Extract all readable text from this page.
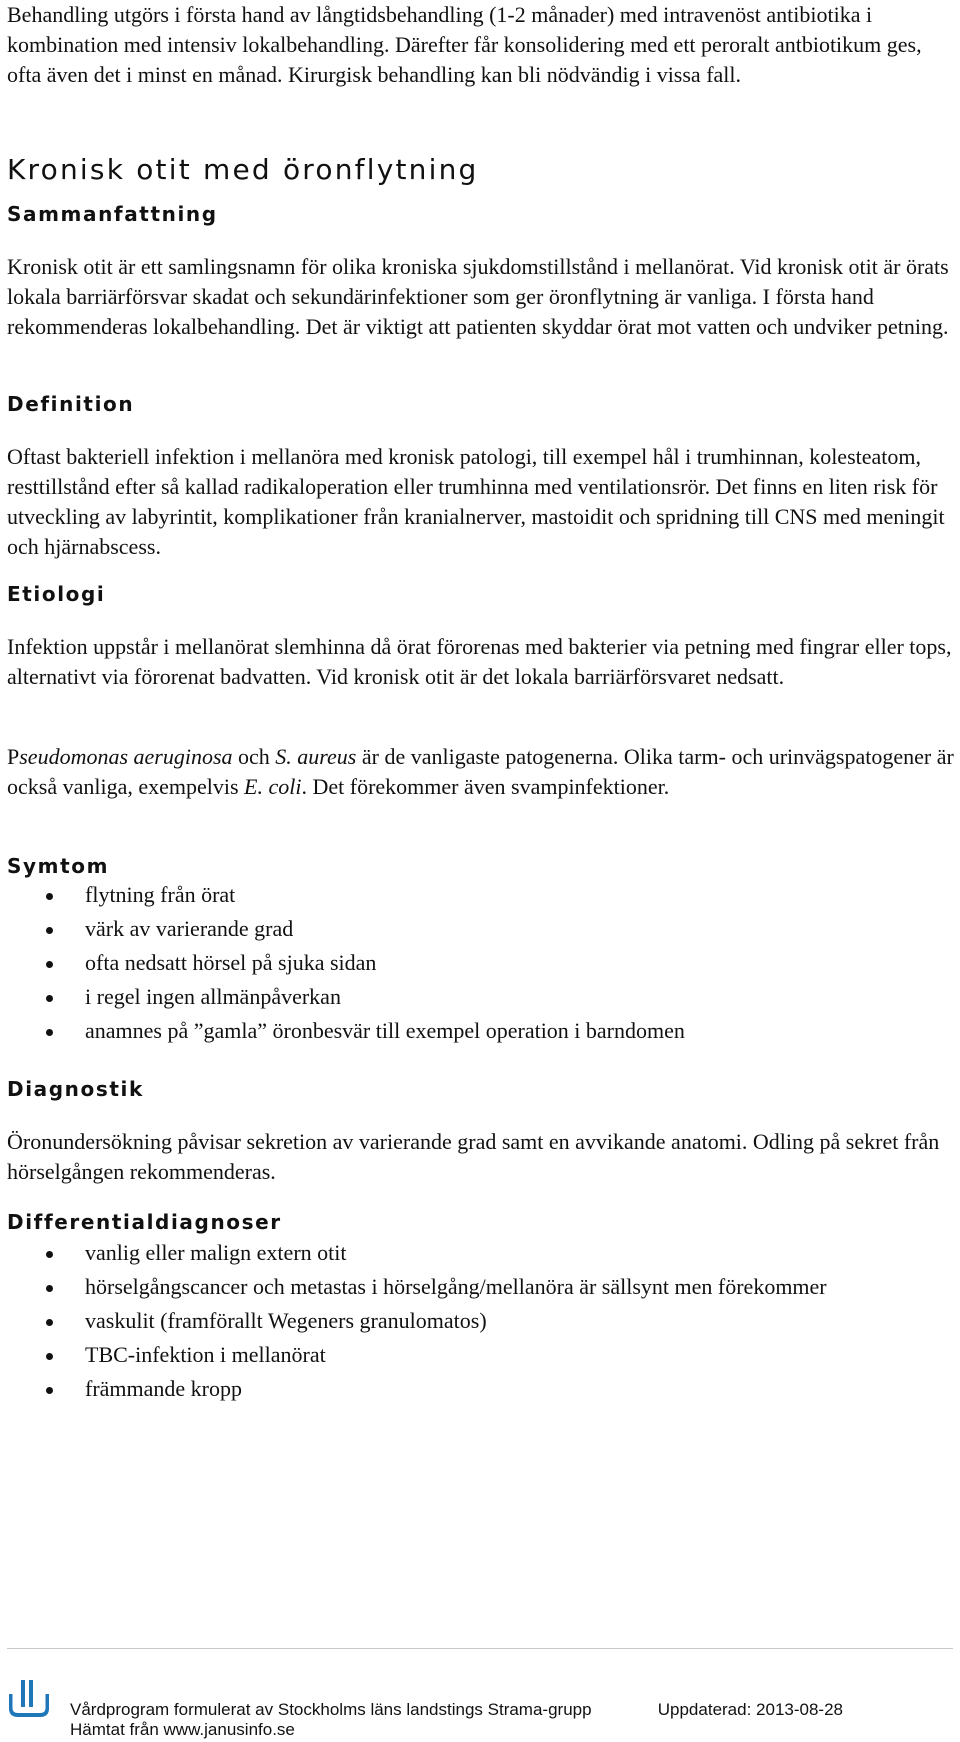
Behandling utgörs i första hand av långtidsbehandling (1-2 månader) med intravenöst antibiotika i kombination med intensiv lokalbehandling. Därefter får konsolidering med ett peroralt antbiotikum ges, ofta även det i minst en månad. Kirurgisk behandling kan bli nödvändig i vissa fall.

Kronisk otit med öronflytning
Sammanfattning

Kronisk otit är ett samlingsnamn för olika kroniska sjukdomstillstånd i mellanörat. Vid kronisk otit är örats lokala barriärförsvar skadat och sekundärinfektioner som ger öronflytning är vanliga. I första hand rekommenderas lokalbehandling. Det är viktigt att patienten skyddar örat mot vatten och undviker petning.

Definition

Oftast bakteriell infektion i mellanöra med kronisk patologi, till exempel hål i trumhinnan, kolesteatom, resttillstånd efter så kallad radikaloperation eller trumhinna med ventilationsrör. Det finns en liten risk för utveckling av labyrintit, komplikationer från kranialnerver, mastoidit och spridning till CNS med meningit och hjärnabscess.

Etiologi

Infektion uppstår i mellanörat slemhinna då örat förorenas med bakterier via petning med fingrar eller tops, alternativt via förorenat badvatten. Vid kronisk otit är det lokala barriärförsvaret nedsatt.

Pseudomonas aeruginosa och S. aureus är de vanligaste patogenerna. Olika tarm- och urinvägspatogener är också vanliga, exempelvis E. coli. Det förekommer även svampinfektioner.

Symtom
flytning från örat
värk av varierande grad
ofta nedsatt hörsel på sjuka sidan
i regel ingen allmänpåverkan
anamnes på ”gamla” öronbesvär till exempel operation i barndomen
Diagnostik

Öronundersökning påvisar sekretion av varierande grad samt en avvikande anatomi. Odling på sekret från hörselgången rekommenderas.

Differentialdiagnoser
vanlig eller malign extern otit
hörselgångscancer och metastas i hörselgång/mellanöra är sällsynt men förekommer
vaskulit (framförallt Wegeners granulomatos)
TBC-infektion i mellanörat
främmande kropp
Vårdprogram formulerat av Stockholms läns landstings Strama-grupp	Uppdaterad: 2013-08-28
Hämtat från www.janusinfo.se
